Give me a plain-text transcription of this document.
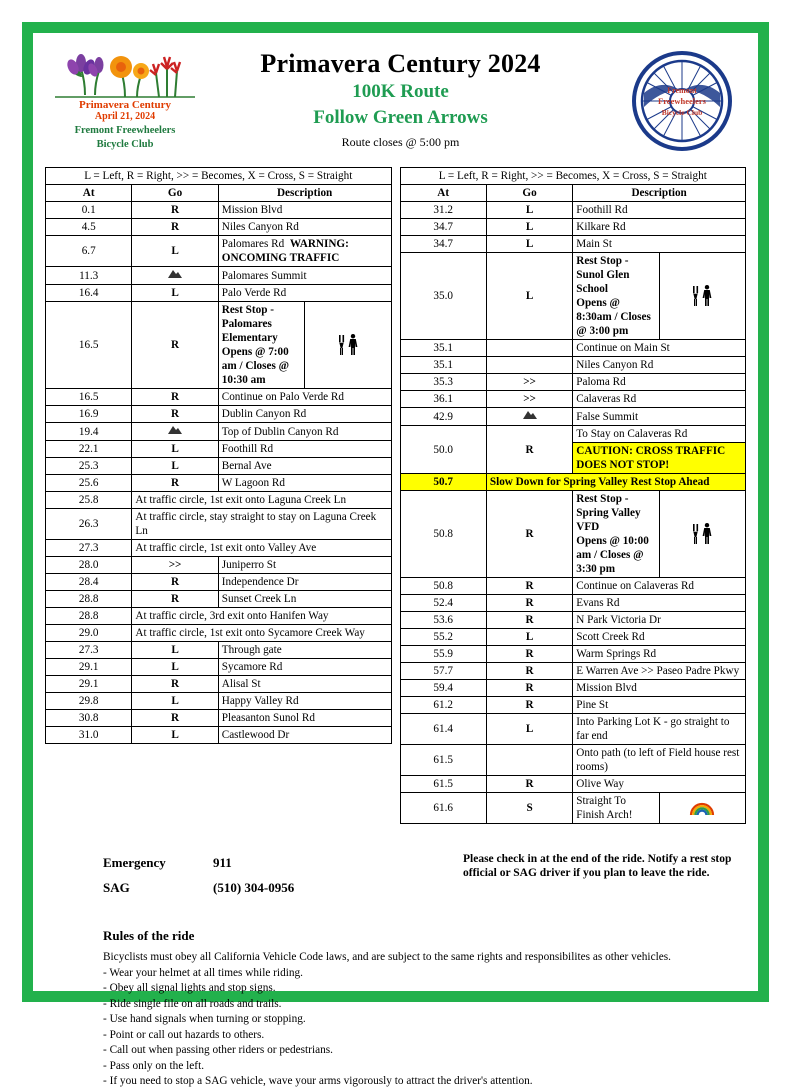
Primavera Century
April 21, 2024
Fremont Freewheelers
Bicycle Club
Primavera Century 2024
100K Route
Follow Green Arrows
Route closes @ 5:00 pm
Fremont
Freewheelers
Bicycle Club
L = Left, R = Right, >> = Becomes, X = Cross, S = Straight			
At	Go	Description	
0.1	R	Mission Blvd	
4.5	R	Niles Canyon Rd	
6.7	L	Palomares Rd WARNING: ONCOMING TRAFFIC	
11.3		Palomares Summit	
16.4	L	Palo Verde Rd	
16.5	R	Rest Stop - Palomares Elementary
Opens @ 7:00 am / Closes @ 10:30 am

16.5	R	Continue on Palo Verde Rd	
16.9	R	Dublin Canyon Rd	
19.4		Top of Dublin Canyon Rd	
22.1	L	Foothill Rd	
25.3	L	Bernal Ave	
25.6	R	W Lagoon Rd	
25.8	At traffic circle, 1st exit onto Laguna Creek Ln		
26.3	At traffic circle, stay straight to stay on Laguna Creek Ln		
27.3	At traffic circle, 1st exit onto Valley Ave		
28.0	>>	Juniperro St	
28.4	R	Independence Dr	
28.8	R	Sunset Creek Ln	
28.8	At traffic circle, 3rd exit onto Hanifen Way		
29.0	At traffic circle, 1st exit onto Sycamore Creek Way		
27.3	L	Through gate	
29.1	L	Sycamore Rd	
29.1	R	Alisal St	
29.8	L	Happy Valley Rd	
30.8	R	Pleasanton Sunol Rd	
31.0	L	Castlewood Dr	
L = Left, R = Right, >> = Becomes, X = Cross, S = Straight			
At	Go	Description	
31.2	L	Foothill Rd	
34.7	L	Kilkare Rd	
34.7	L	Main St	
35.0	L	Rest Stop - Sunol Glen School
Opens @ 8:30am / Closes @ 3:00 pm

35.1		Continue on Main St	
35.1		Niles Canyon Rd	
35.3	>>	Paloma Rd	
36.1	>>	Calaveras Rd	
42.9		False Summit	
50.0	R	To Stay on Calaveras Rd	
		CAUTION: CROSS TRAFFIC DOES NOT STOP!	
50.7	Slow Down for Spring Valley Rest Stop Ahead		
50.8	R	Rest Stop - Spring Valley VFD
Opens @ 10:00 am / Closes @ 3:30 pm

50.8	R	Continue on Calaveras Rd	
52.4	R	Evans Rd	
53.6	R	N Park Victoria Dr	
55.2	L	Scott Creek Rd	
55.9	R	Warm Springs Rd	
57.7	R	E Warren Ave >> Paseo Padre Pkwy	
59.4	R	Mission Blvd	
61.2	R	Pine St	
61.4	L	Into Parking Lot K - go straight to far end	
61.5		Onto path (to left of Field house rest rooms)	
61.5	R	Olive Way	
61.6	S	Straight To Finish Arch!	
Emergency	911
SAG	(510) 304-0956
Please check in at the end of the ride. Notify a rest stop official or SAG driver if you plan to leave the ride.
Rules of the ride
Bicyclists must obey all California Vehicle Code laws, and are subject to the same rights and responsibilites as other vehicles.
- Wear your helmet at all times while riding.
- Obey all signal lights and stop signs.
- Ride single file on all roads and trails.
- Use hand signals when turning or stopping.
- Point or call out hazards to others.
- Call out when passing other riders or pedestrians.
- Pass only on the left.
- If you need to stop a SAG vehicle, wave your arms vigorously to attract the driver's attention.
